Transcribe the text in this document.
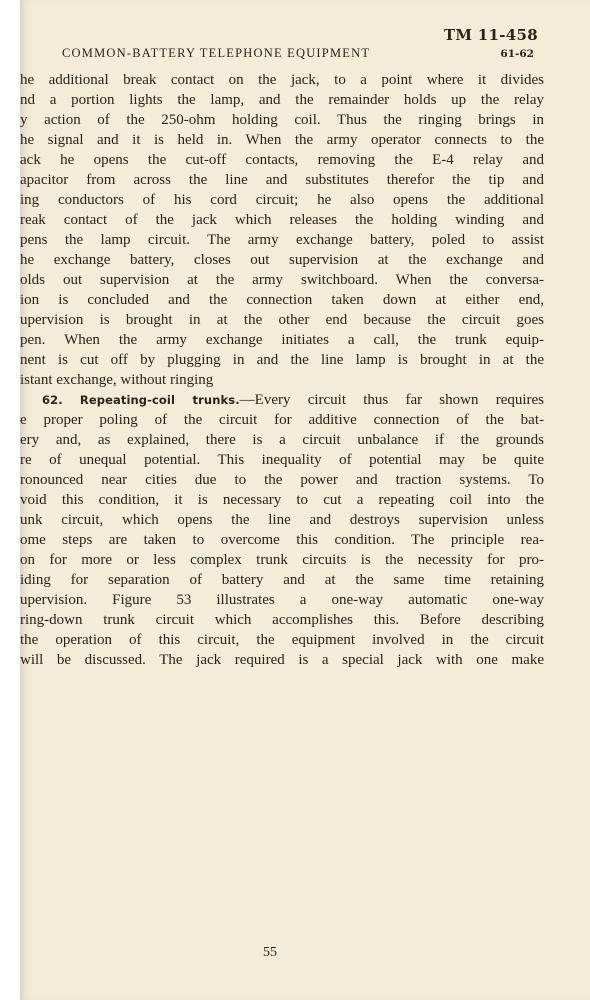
TM 11-458
COMMON-BATTERY TELEPHONE EQUIPMENT	61-62
he additional break contact on the jack, to a point where it divides
nd a portion lights the lamp, and the remainder holds up the relay
y action of the 250-ohm holding coil. Thus the ringing brings in
he signal and it is held in. When the army operator connects to the
ack he opens the cut-off contacts, removing the E-4 relay and
apacitor from across the line and substitutes therefor the tip and
ing conductors of his cord circuit; he also opens the additional
reak contact of the jack which releases the holding winding and
pens the lamp circuit. The army exchange battery, poled to assist
he exchange battery, closes out supervision at the exchange and
olds out supervision at the army switchboard. When the conversa-
ion is concluded and the connection taken down at either end,
upervision is brought in at the other end because the circuit goes
pen. When the army exchange initiates a call, the trunk equip-
nent is cut off by plugging in and the line lamp is brought in at the
istant exchange, without ringing
62. Repeating-coil trunks.—Every circuit thus far shown requires
e proper poling of the circuit for additive connection of the bat-
ery and, as explained, there is a circuit unbalance if the grounds
re of unequal potential. This inequality of potential may be quite
ronounced near cities due to the power and traction systems. To
void this condition, it is necessary to cut a repeating coil into the
unk circuit, which opens the line and destroys supervision unless
ome steps are taken to overcome this condition. The principle rea-
on for more or less complex trunk circuits is the necessity for pro-
iding for separation of battery and at the same time retaining
upervision. Figure 53 illustrates a one-way automatic one-way
ring-down trunk circuit which accomplishes this. Before describing
the operation of this circuit, the equipment involved in the circuit
will be discussed. The jack required is a special jack with one make
55
